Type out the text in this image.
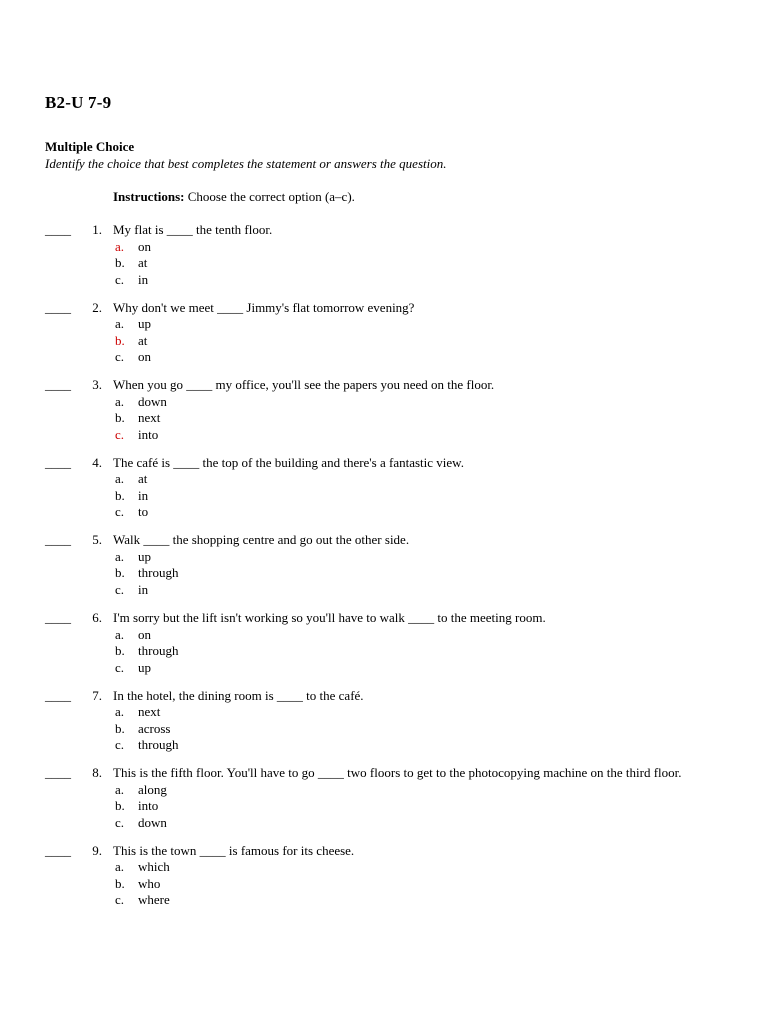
B2-U 7-9
Multiple Choice
Identify the choice that best completes the statement or answers the question.
Instructions: Choose the correct option (a–c).
____	1. My flat is ____ the tenth floor.
a. on
b. at
c. in
____	2. Why don't we meet ____ Jimmy's flat tomorrow evening?
a. up
b. at
c. on
____	3. When you go ____ my office, you'll see the papers you need on the floor.
a. down
b. next
c. into
____	4. The café is ____ the top of the building and there's a fantastic view.
a. at
b. in
c. to
____	5. Walk ____ the shopping centre and go out the other side.
a. up
b. through
c. in
____	6. I'm sorry but the lift isn't working so you'll have to walk ____ to the meeting room.
a. on
b. through
c. up
____	7. In the hotel, the dining room is ____ to the café.
a. next
b. across
c. through
____	8. This is the fifth floor. You'll have to go ____ two floors to get to the photocopying machine on the third floor.
a. along
b. into
c. down
____	9. This is the town ____ is famous for its cheese.
a. which
b. who
c. where
